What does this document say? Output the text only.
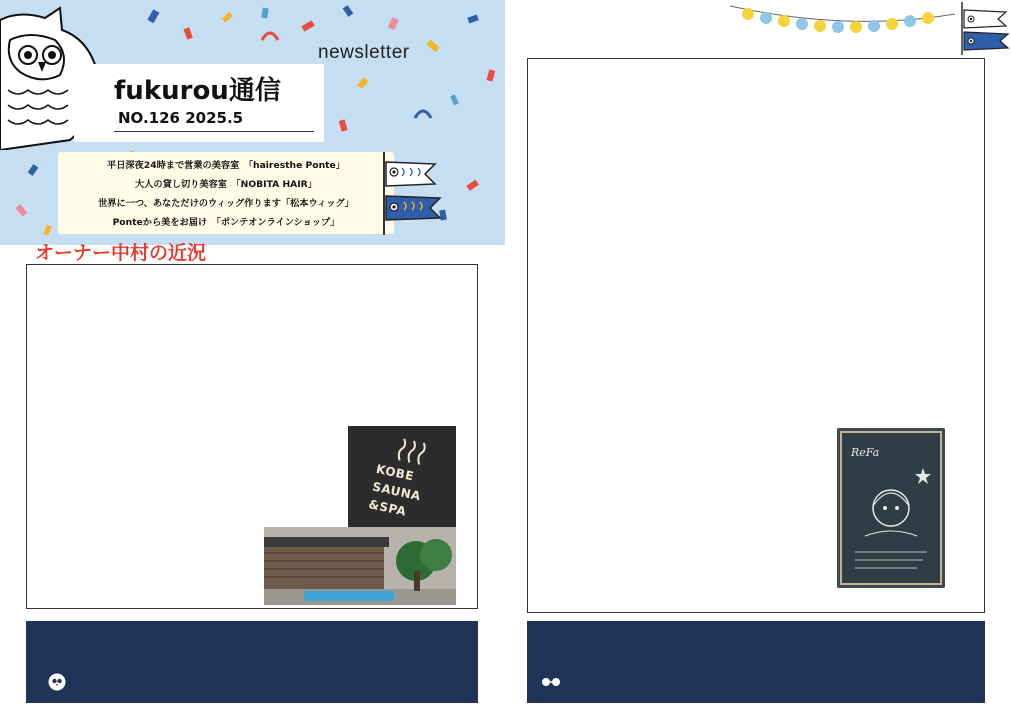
newsletter
fukurou通信
NO.126 2025.5
平日深夜24時まで営業の美容室　「hairesthe Ponte」
大人の貸し切り美容室　「NOBITA HAIR」
世界に一つ、あなただけのウィッグ作ります「松本ウィッグ」
Ponteから美をお届け　「ポンテオンラインショップ」
オーナー中村の近況
KOBE
SAUNA
&SPA
ReFa
